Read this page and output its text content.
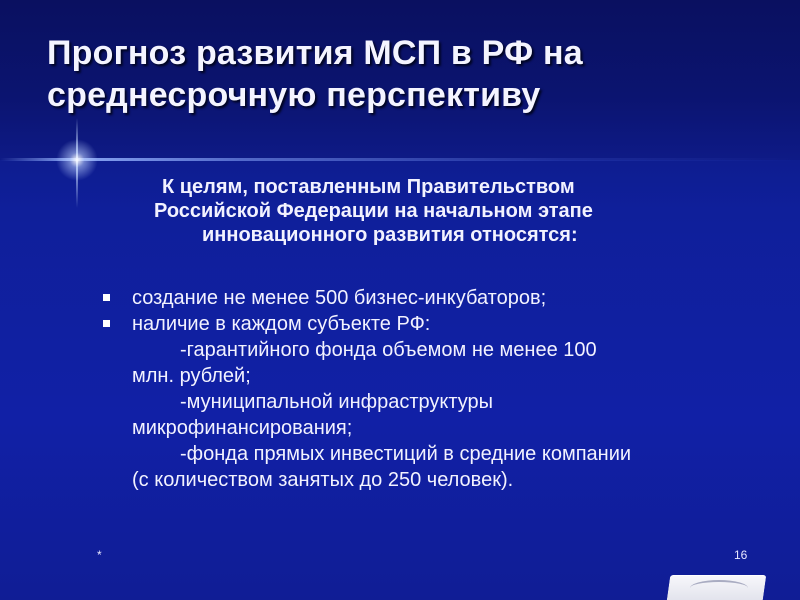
Прогноз развития МСП в РФ на
среднесрочную перспективу
К целям, поставленным Правительством
Российской Федерации на начальном этапе
инновационного развития относятся:
создание не менее 500 бизнес-инкубаторов;
наличие в каждом субъекте РФ:
-гарантийного фонда объемом не менее 100
млн. рублей;
-муниципальной инфраструктуры
микрофинансирования;
-фонда прямых инвестиций в средние компании
(с количеством занятых до 250 человек).
*	16
